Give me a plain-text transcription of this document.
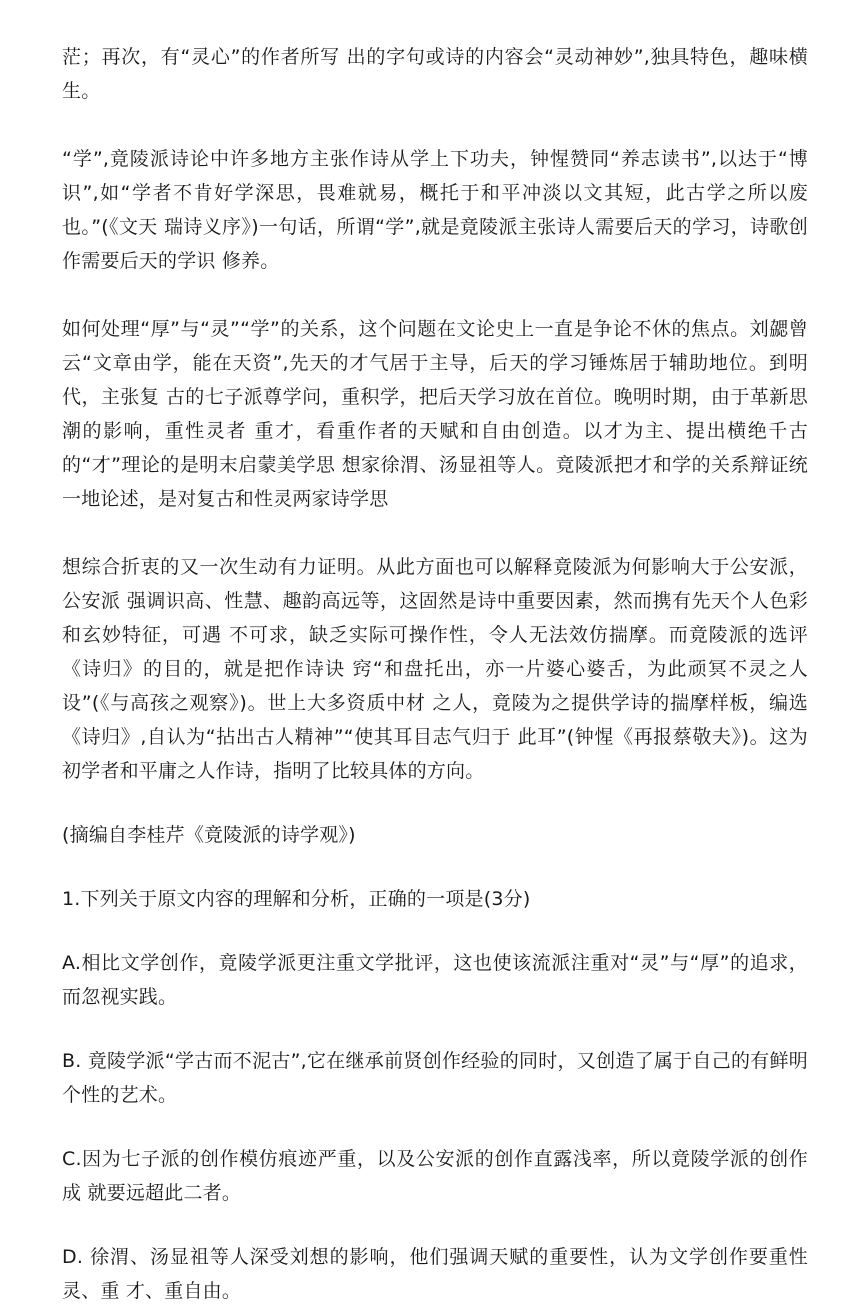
茫；再次，有“灵心”的作者所写 出的字句或诗的内容会“灵动神妙”,独具特色，趣味横生。

“学”,竟陵派诗论中许多地方主张作诗从学上下功夫，钟惺赞同“养志读书”,以达于“博 识”,如“学者不肯好学深思，畏难就易，概托于和平冲淡以文其短，此古学之所以废也。”(《文天 瑞诗义序》)一句话，所谓“学”,就是竟陵派主张诗人需要后天的学习，诗歌创作需要后天的学识 修养。

如何处理“厚”与“灵”“学”的关系，这个问题在文论史上一直是争论不休的焦点。刘勰曾云“文章由学，能在天资”,先天的才气居于主导，后天的学习锤炼居于辅助地位。到明代，主张复 古的七子派尊学问，重积学，把后天学习放在首位。晚明时期，由于革新思潮的影响，重性灵者 重才，看重作者的天赋和自由创造。以才为主、提出横绝千古的“才”理论的是明末启蒙美学思 想家徐渭、汤显祖等人。竟陵派把才和学的关系辩证统一地论述，是对复古和性灵两家诗学思

想综合折衷的又一次生动有力证明。从此方面也可以解释竟陵派为何影响大于公安派，公安派 强调识高、性慧、趣韵高远等，这固然是诗中重要因素，然而携有先天个人色彩和玄妙特征，可遇 不可求，缺乏实际可操作性，令人无法效仿揣摩。而竟陵派的选评《诗归》的目的，就是把作诗诀 窍“和盘托出，亦一片婆心婆舌，为此顽冥不灵之人设”(《与高孩之观察》)。世上大多资质中材 之人，竟陵为之提供学诗的揣摩样板，编选《诗归》,自认为“拈出古人精神”“使其耳目志气归于 此耳”(钟惺《再报蔡敬夫》)。这为初学者和平庸之人作诗，指明了比较具体的方向。

(摘编自李桂芹《竟陵派的诗学观》)

1.下列关于原文内容的理解和分析，正确的一项是(3分)

A.相比文学创作，竟陵学派更注重文学批评，这也使该流派注重对“灵”与“厚”的追求，而忽视实践。

B. 竟陵学派“学古而不泥古”,它在继承前贤创作经验的同时，又创造了属于自己的有鲜明个性的艺术。

C.因为七子派的创作模仿痕迹严重，以及公安派的创作直露浅率，所以竟陵学派的创作成 就要远超此二者。

D. 徐渭、汤显祖等人深受刘想的影响，他们强调天赋的重要性，认为文学创作要重性灵、重 才、重自由。
